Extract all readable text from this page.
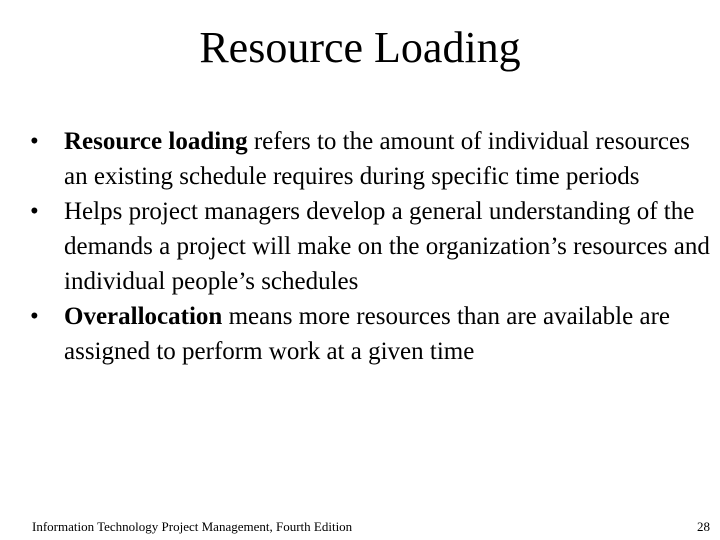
Resource Loading
•	Resource loading refers to the amount of individual resources an existing schedule requires during specific time periods
•	Helps project managers develop a general understanding of the demands a project will make on the organization’s resources and individual people’s schedules
•	Overallocation means more resources than are available are assigned to perform work at a given time
Information Technology Project Management, Fourth Edition	28
